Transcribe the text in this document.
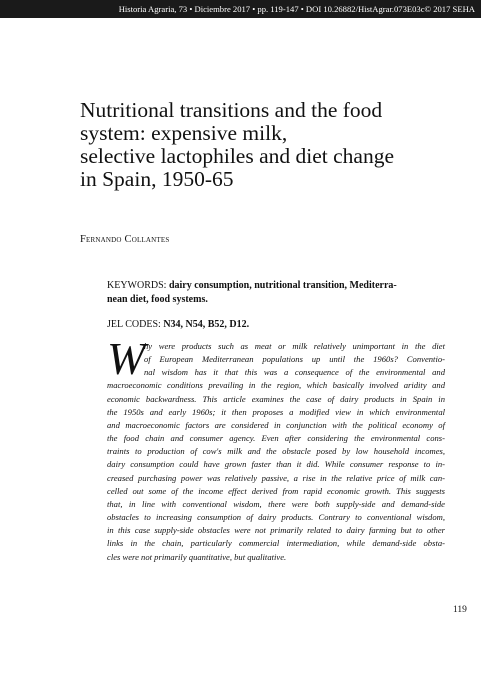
Historia Agraria, 73 • Diciembre 2017 • pp. 119-147 • DOI 10.26882/HistAgrar.073E03c© 2017 SEHA
Nutritional transitions and the food
system: expensive milk,
selective lactophiles and diet change
in Spain, 1950-65
Fernando Collantes
KEYWORDS: dairy consumption, nutritional transition, Mediterra-
nean diet, food systems.
JEL CODES: N34, N54, B52, D12.
W
hy were products such as meat or milk relatively unimportant in the diet
of European Mediterranean populations up until the 1960s? Conventio-
nal wisdom has it that this was a consequence of the environmental and
macroeconomic conditions prevailing in the region, which basically involved aridity and
economic backwardness. This article examines the case of dairy products in Spain in
the 1950s and early 1960s; it then proposes a modified view in which environmental
and macroeconomic factors are considered in conjunction with the political economy of
the food chain and consumer agency. Even after considering the environmental cons-
traints to production of cow's milk and the obstacle posed by low household incomes,
dairy consumption could have grown faster than it did. While consumer response to in-
creased purchasing power was relatively passive, a rise in the relative price of milk can-
celled out some of the income effect derived from rapid economic growth. This suggests
that, in line with conventional wisdom, there were both supply-side and demand-side
obstacles to increasing consumption of dairy products. Contrary to conventional wisdom,
in this case supply-side obstacles were not primarily related to dairy farming but to other
links in the chain, particularly commercial intermediation, while demand-side obsta-
cles were not primarily quantitative, but qualitative.
119
